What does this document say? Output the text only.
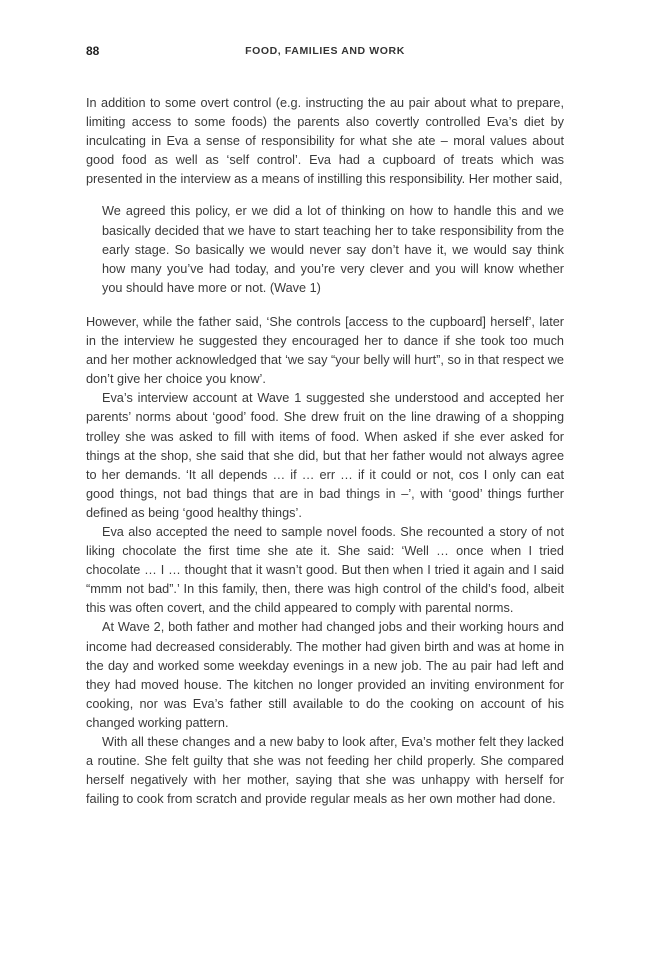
88	FOOD, FAMILIES AND WORK

In addition to some overt control (e.g. instructing the au pair about what to prepare, limiting access to some foods) the parents also covertly controlled Eva’s diet by inculcating in Eva a sense of responsibility for what she ate – moral values about good food as well as ‘self control’. Eva had a cupboard of treats which was presented in the interview as a means of instilling this responsibility. Her mother said,

We agreed this policy, er we did a lot of thinking on how to handle this and we basically decided that we have to start teaching her to take responsibility from the early stage. So basically we would never say don’t have it, we would say think how many you’ve had today, and you’re very clever and you will know whether you should have more or not. (Wave 1)

However, while the father said, ‘She controls [access to the cupboard] herself’, later in the interview he suggested they encouraged her to dance if she took too much and her mother acknowledged that ‘we say “your belly will hurt”, so in that respect we don’t give her choice you know’.

Eva’s interview account at Wave 1 suggested she understood and accepted her parents’ norms about ‘good’ food. She drew fruit on the line drawing of a shopping trolley she was asked to fill with items of food. When asked if she ever asked for things at the shop, she said that she did, but that her father would not always agree to her demands. ‘It all depends … if … err … if it could or not, cos I only can eat good things, not bad things that are in bad things in –’, with ‘good’ things further defined as being ‘good healthy things’.

Eva also accepted the need to sample novel foods. She recounted a story of not liking chocolate the first time she ate it. She said: ‘Well … once when I tried chocolate … I … thought that it wasn’t good. But then when I tried it again and I said “mmm not bad”.’ In this family, then, there was high control of the child’s food, albeit this was often covert, and the child appeared to comply with parental norms.

At Wave 2, both father and mother had changed jobs and their working hours and income had decreased considerably. The mother had given birth and was at home in the day and worked some weekday evenings in a new job. The au pair had left and they had moved house. The kitchen no longer provided an inviting environment for cooking, nor was Eva’s father still available to do the cooking on account of his changed working pattern.

With all these changes and a new baby to look after, Eva’s mother felt they lacked a routine. She felt guilty that she was not feeding her child properly. She compared herself negatively with her mother, saying that she was unhappy with herself for failing to cook from scratch and provide regular meals as her own mother had done.
